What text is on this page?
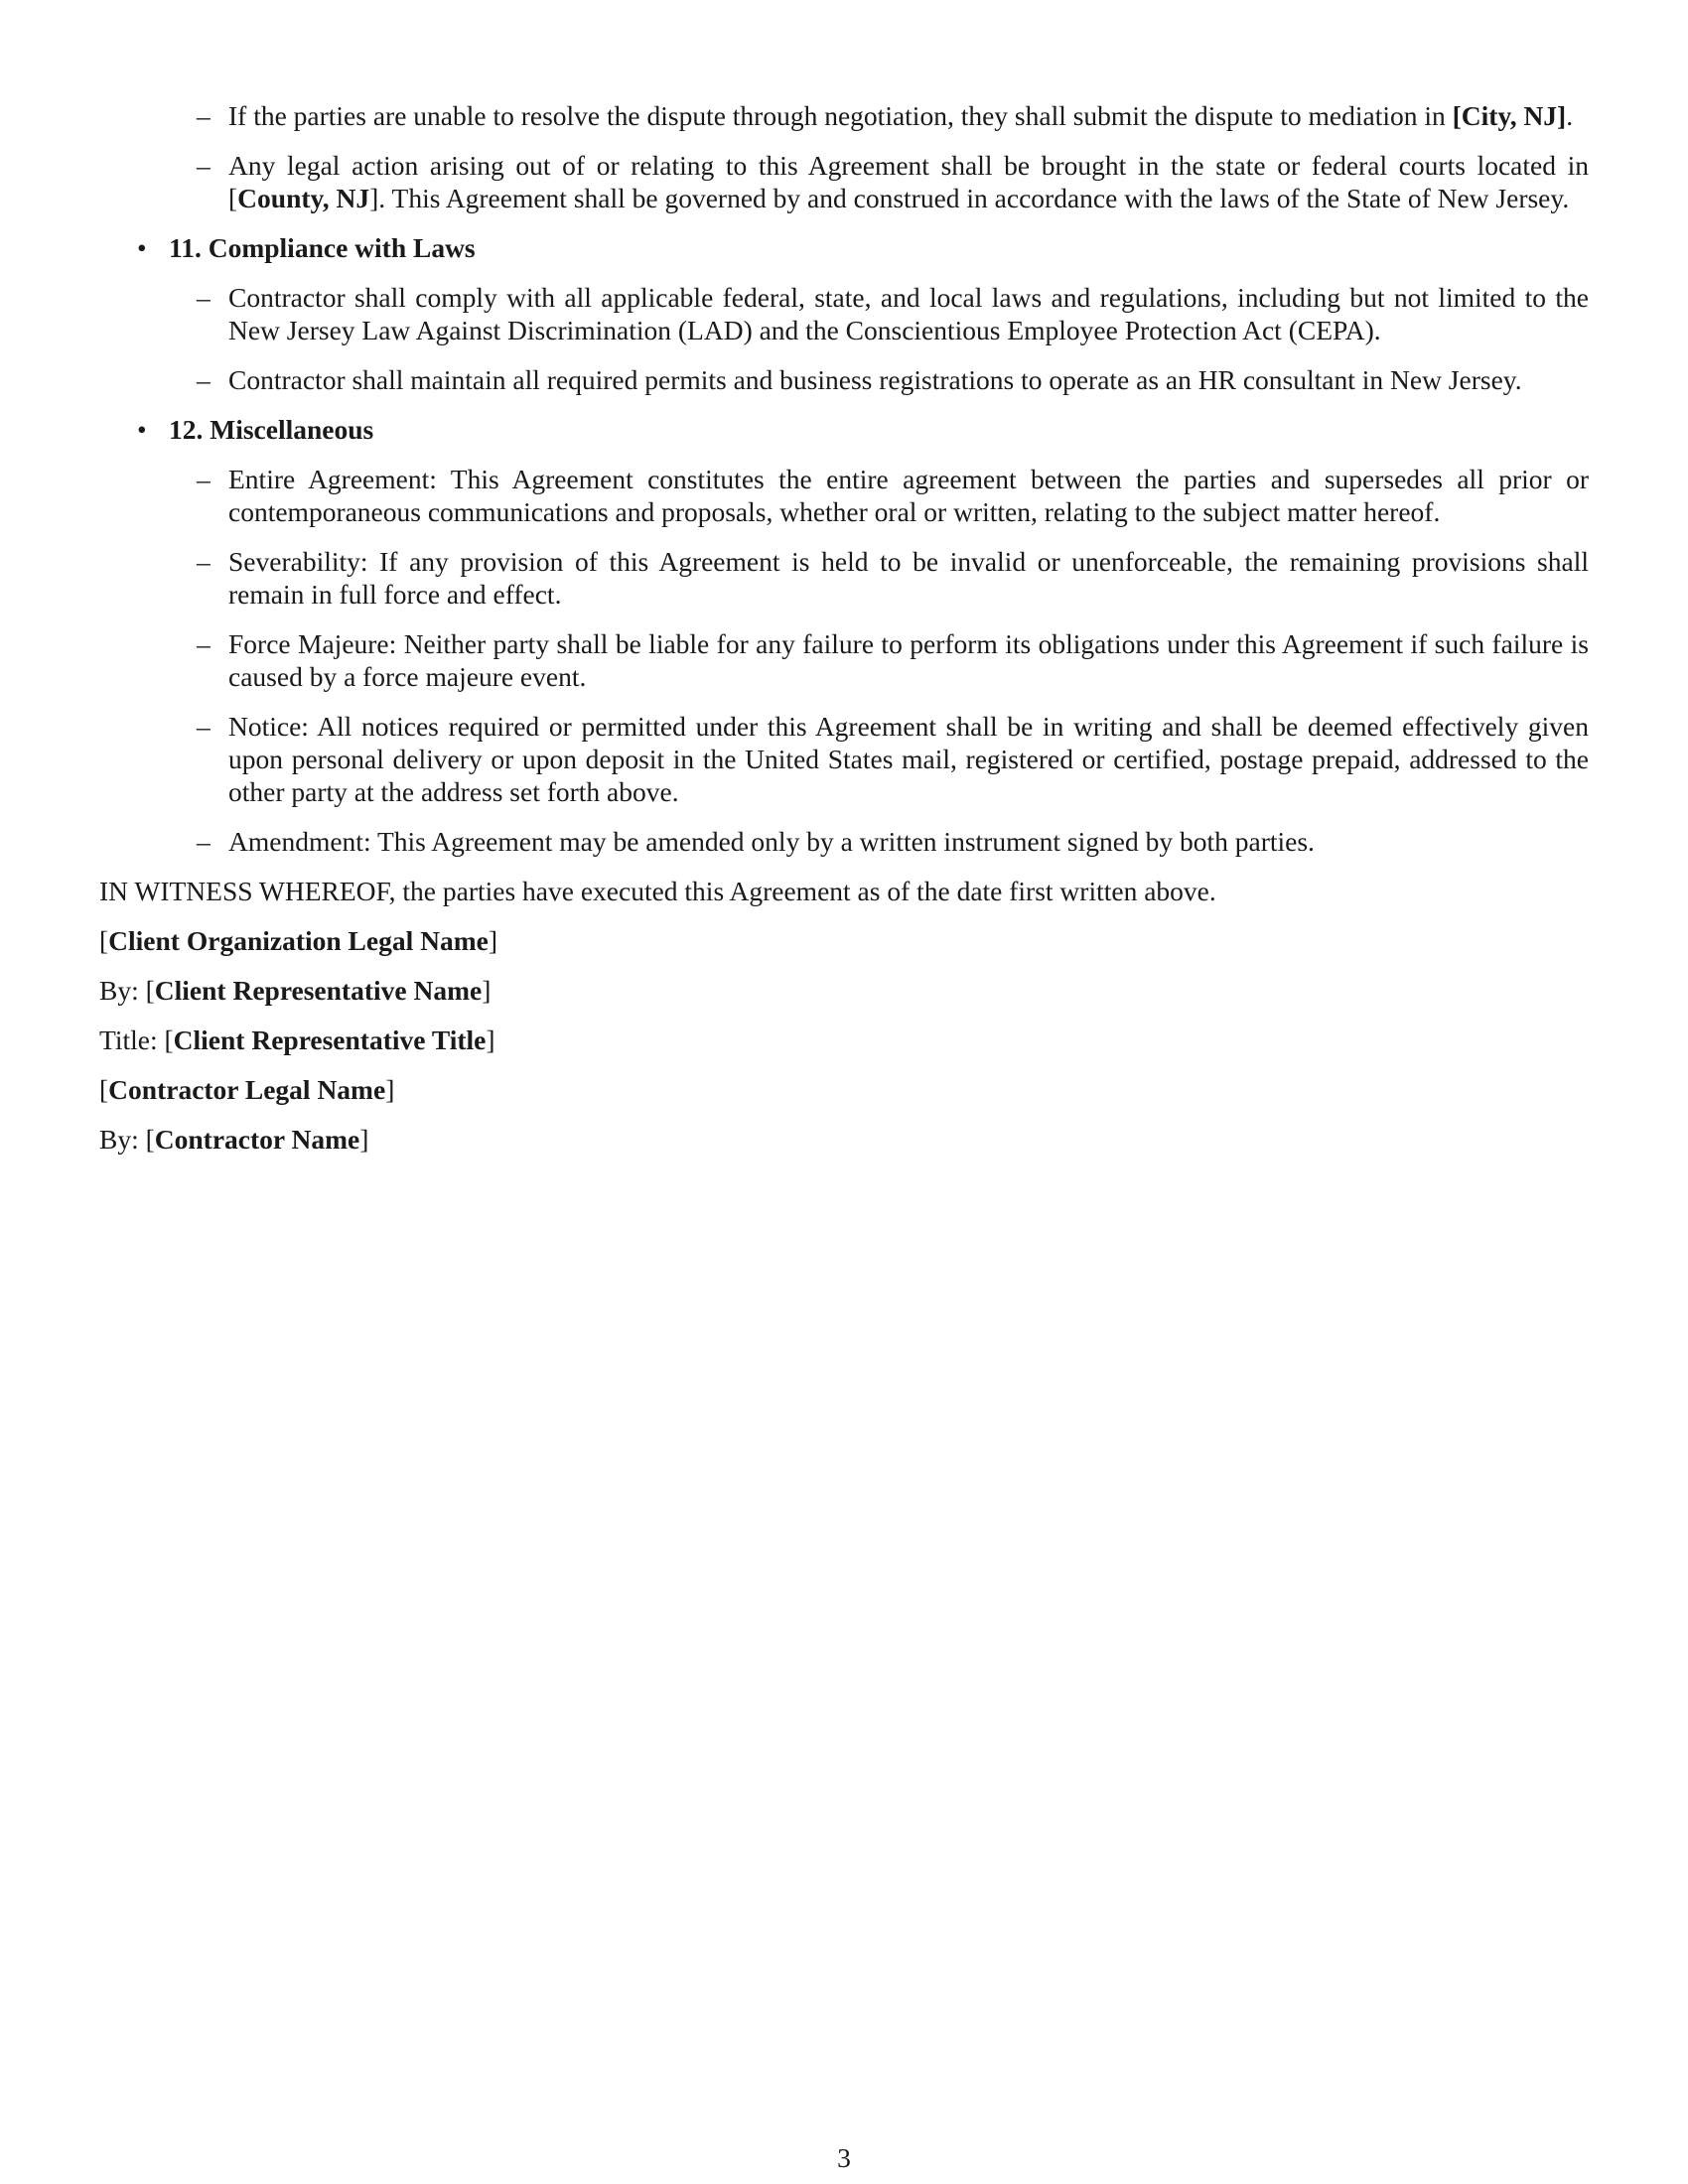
– If the parties are unable to resolve the dispute through negotiation, they shall submit the dispute to mediation in [City, NJ].
– Any legal action arising out of or relating to this Agreement shall be brought in the state or federal courts located in [County, NJ]. This Agreement shall be governed by and construed in accordance with the laws of the State of New Jersey.
• 11. Compliance with Laws
– Contractor shall comply with all applicable federal, state, and local laws and regulations, including but not limited to the New Jersey Law Against Discrimination (LAD) and the Conscientious Employee Protection Act (CEPA).
– Contractor shall maintain all required permits and business registrations to operate as an HR consultant in New Jersey.
• 12. Miscellaneous
– Entire Agreement: This Agreement constitutes the entire agreement between the parties and supersedes all prior or contemporaneous communications and proposals, whether oral or written, relating to the subject matter hereof.
– Severability: If any provision of this Agreement is held to be invalid or unenforceable, the remaining provisions shall remain in full force and effect.
– Force Majeure: Neither party shall be liable for any failure to perform its obligations under this Agreement if such failure is caused by a force majeure event.
– Notice: All notices required or permitted under this Agreement shall be in writing and shall be deemed effectively given upon personal delivery or upon deposit in the United States mail, registered or certified, postage prepaid, addressed to the other party at the address set forth above.
– Amendment: This Agreement may be amended only by a written instrument signed by both parties.
IN WITNESS WHEREOF, the parties have executed this Agreement as of the date first written above.
[Client Organization Legal Name]
By: [Client Representative Name]
Title: [Client Representative Title]
[Contractor Legal Name]
By: [Contractor Name]
3
